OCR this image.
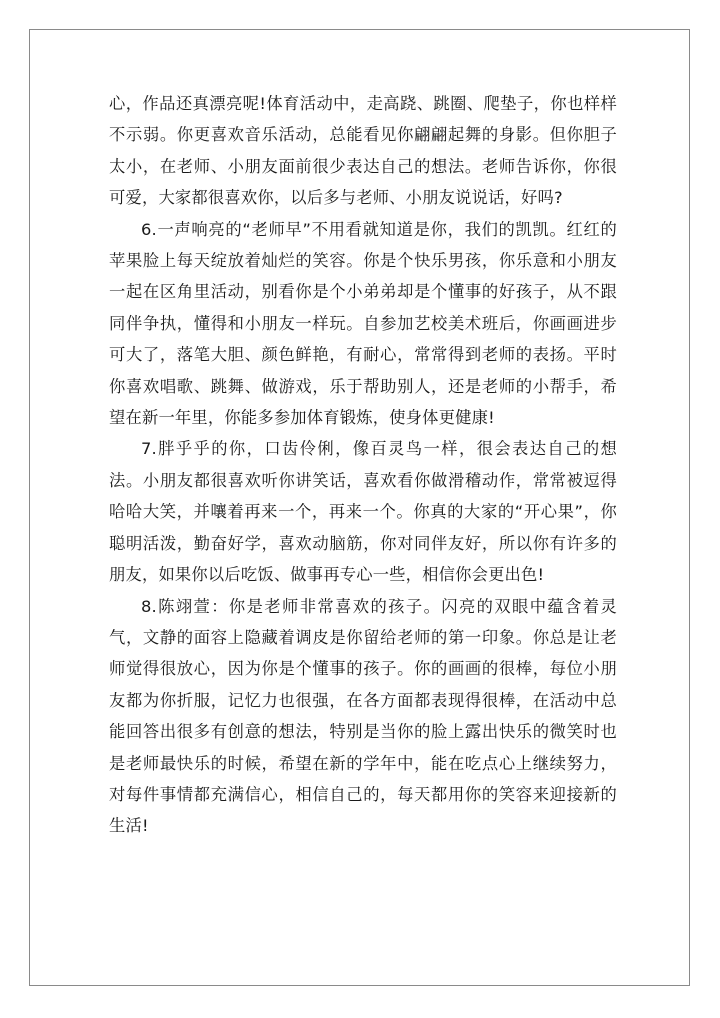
心，作品还真漂亮呢!体育活动中，走高跷、跳圈、爬垫子，你也样样不示弱。你更喜欢音乐活动，总能看见你翩翩起舞的身影。但你胆子太小，在老师、小朋友面前很少表达自己的想法。老师告诉你，你很可爱，大家都很喜欢你，以后多与老师、小朋友说说话，好吗?

6.一声响亮的“老师早”不用看就知道是你，我们的凯凯。红红的苹果脸上每天绽放着灿烂的笑容。你是个快乐男孩，你乐意和小朋友一起在区角里活动，别看你是个小弟弟却是个懂事的好孩子，从不跟同伴争执，懂得和小朋友一样玩。自参加艺校美术班后，你画画进步可大了，落笔大胆、颜色鲜艳，有耐心，常常得到老师的表扬。平时你喜欢唱歌、跳舞、做游戏，乐于帮助别人，还是老师的小帮手，希望在新一年里，你能多参加体育锻炼，使身体更健康!

7.胖乎乎的你，口齿伶俐，像百灵鸟一样，很会表达自己的想法。小朋友都很喜欢听你讲笑话，喜欢看你做滑稽动作，常常被逗得哈哈大笑，并嚷着再来一个，再来一个。你真的大家的“开心果”，你聪明活泼，勤奋好学，喜欢动脑筋，你对同伴友好，所以你有许多的朋友，如果你以后吃饭、做事再专心一些，相信你会更出色!

8.陈翊萱：你是老师非常喜欢的孩子。闪亮的双眼中蕴含着灵气，文静的面容上隐藏着调皮是你留给老师的第一印象。你总是让老师觉得很放心，因为你是个懂事的孩子。你的画画的很棒，每位小朋友都为你折服，记忆力也很强，在各方面都表现得很棒，在活动中总能回答出很多有创意的想法，特别是当你的脸上露出快乐的微笑时也是老师最快乐的时候，希望在新的学年中，能在吃点心上继续努力，对每件事情都充满信心，相信自己的，每天都用你的笑容来迎接新的生活!
